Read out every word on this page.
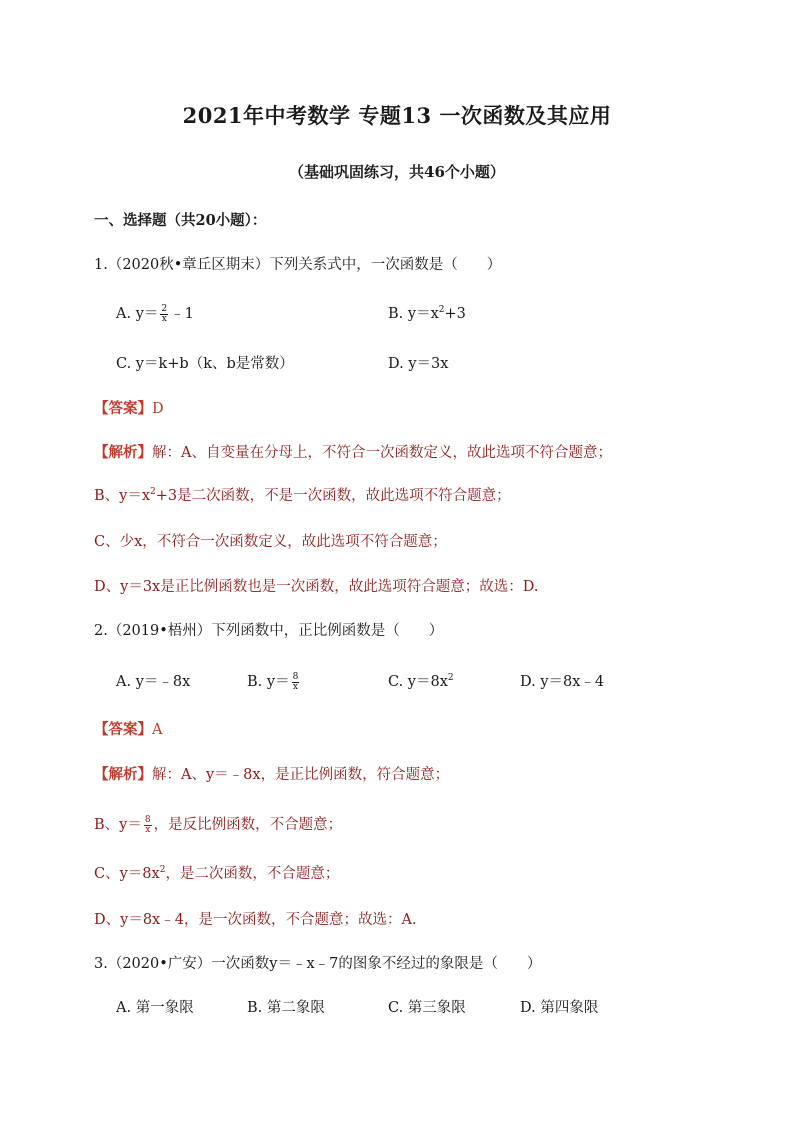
2021年中考数学 专题13 一次函数及其应用
（基础巩固练习，共46个小题）
一、选择题（共20小题）：
1.（2020秋•章丘区期末）下列关系式中，一次函数是（　　）
A. $y= \frac{2}{x}$ ﹣1	B. $y=x^2+3$
C. y＝k+b（k、b是常数）	D. y＝3x
【答案】D
【解析】解：A、自变量在分母上，不符合一次函数定义，故此选项不符合题意；
B、$y=x^2+3$是二次函数，不是一次函数，故此选项不符合题意；
C、少x，不符合一次函数定义，故此选项不符合题意；
D、y＝3x是正比例函数也是一次函数，故此选项符合题意；故选：D.
2.（2019•梧州）下列函数中，正比例函数是（　　）
A. y＝﹣8x	B. $y= \frac{8}{x}$	C. $y=8x^2$	D. y＝8x﹣4
【答案】A
【解析】解：A、y＝﹣8x，是正比例函数，符合题意；
B、$y= \frac{8}{x}$ ，是反比例函数，不合题意；
C、$y=8x^2$，是二次函数，不合题意；
D、y＝8x﹣4，是一次函数，不合题意；故选：A.
3.（2020•广安）一次函数y＝﹣x﹣7的图象不经过的象限是（　　）
A. 第一象限	B. 第二象限	C. 第三象限	D. 第四象限
